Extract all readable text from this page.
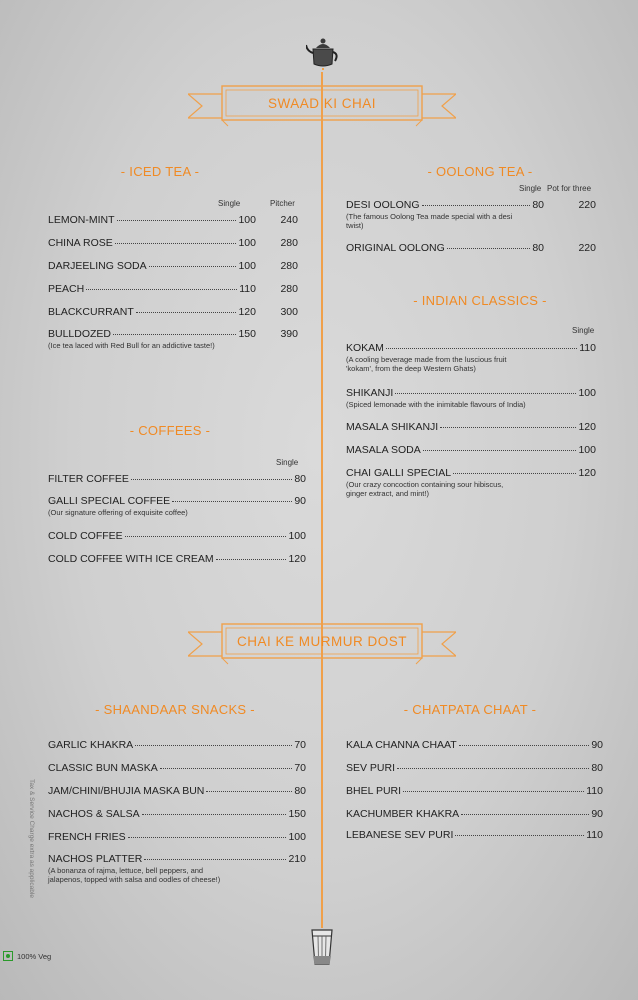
SWAAD KI CHAI
- ICED TEA -
Single	Pitcher
LEMON-MINT	100	240
CHINA ROSE	100	280
DARJEELING SODA	100	280
PEACH	110	280
BLACKCURRANT	120	300
BULLDOZED	150	390
(Ice tea laced with Red Bull for an addictive taste!)
- OOLONG TEA -
Single Pot for three
DESI OOLONG	80	220
(The famous Oolong Tea made special with a desi twist)
ORIGINAL OOLONG	80	220
- INDIAN CLASSICS -
Single
KOKAM	110
(A cooling beverage made from the luscious fruit 'kokam', from the deep Western Ghats)
SHIKANJI	100
(Spiced lemonade with the inimitable flavours of India)
MASALA SHIKANJI	120
MASALA SODA	100
CHAI GALLI SPECIAL	120
(Our crazy concoction containing sour hibiscus, ginger extract, and mint!)
- COFFEES -
Single
FILTER COFFEE	80
GALLI SPECIAL COFFEE	90
(Our signature offering of exquisite coffee)
COLD COFFEE	100
COLD COFFEE WITH ICE CREAM	120
CHAI KE MURMUR DOST
- SHAANDAAR SNACKS -
GARLIC KHAKRA	70
CLASSIC BUN MASKA	70
JAM/CHINI/BHUJIA MASKA BUN	80
NACHOS & SALSA	150
FRENCH FRIES	100
NACHOS PLATTER	210
(A bonanza of rajma, lettuce, bell peppers, and jalapenos, topped with salsa and oodles of cheese!)
- CHATPATA CHAAT -
KALA CHANNA CHAAT	90
SEV PURI	80
BHEL PURI	110
KACHUMBER KHAKRA	90
LEBANESE SEV PURI	110
Tax & Service Charge extra as applicable
100% Veg
